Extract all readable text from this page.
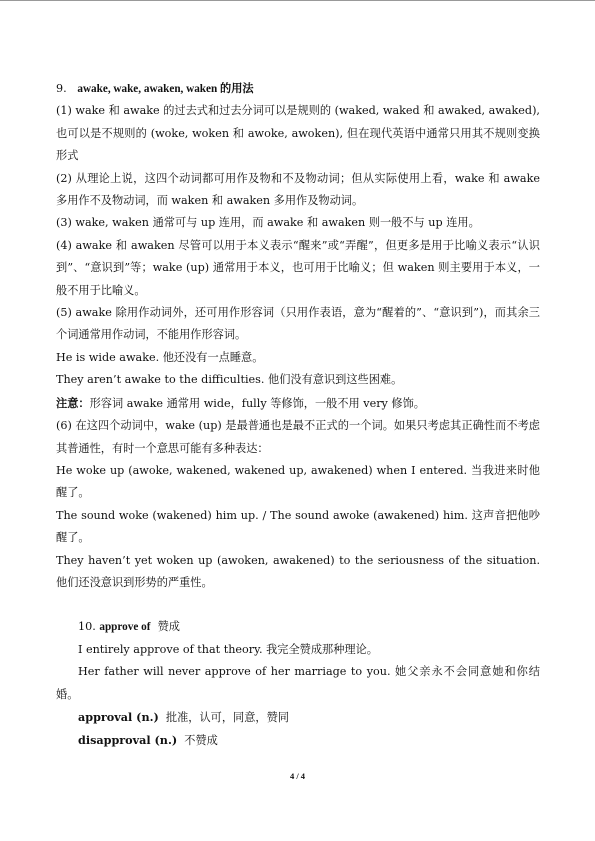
9. awake, wake, awaken, waken 的用法

(1) wake 和 awake 的过去式和过去分词可以是规则的 (waked, waked 和 awaked, awaked), 也可以是不规则的 (woke, woken 和 awoke, awoken), 但在现代英语中通常只用其不规则变换形式

(2) 从理论上说，这四个动词都可用作及物和不及物动词；但从实际使用上看，wake 和 awake 多用作不及物动词，而 waken 和 awaken 多用作及物动词。

(3) wake, waken 通常可与 up 连用，而 awake 和 awaken 则一般不与 up 连用。

(4) awake 和 awaken 尽管可以用于本义表示“醒来”或“弄醒”，但更多是用于比喻义表示“认识到”、“意识到”等；wake (up) 通常用于本义，也可用于比喻义；但 waken 则主要用于本义，一般不用于比喻义。

(5) awake 除用作动词外，还可用作形容词（只用作表语，意为“醒着的”、“意识到”)，而其余三个词通常用作动词，不能用作形容词。

He is wide awake. 他还没有一点睡意。

They aren’t awake to the difficulties. 他们没有意识到这些困难。

注意：形容词 awake 通常用 wide，fully 等修饰，一般不用 very 修饰。

(6) 在这四个动词中，wake (up) 是最普通也是最不正式的一个词。如果只考虑其正确性而不考虑其普通性，有时一个意思可能有多种表达：

He woke up (awoke, wakened, wakened up, awakened) when I entered. 当我进来时他醒了。

The sound woke (wakened) him up. / The sound awoke (awakened) him. 这声音把他吵醒了。

They haven’t yet woken up (awoken, awakened) to the seriousness of the situation. 他们还没意识到形势的严重性。

10. approve of 赞成

I entirely approve of that theory. 我完全赞成那种理论。

Her father will never approve of her marriage to you. 她父亲永不会同意她和你结婚。

approval (n.) 批准，认可，同意，赞同

disapproval (n.) 不赞成

4 / 4
